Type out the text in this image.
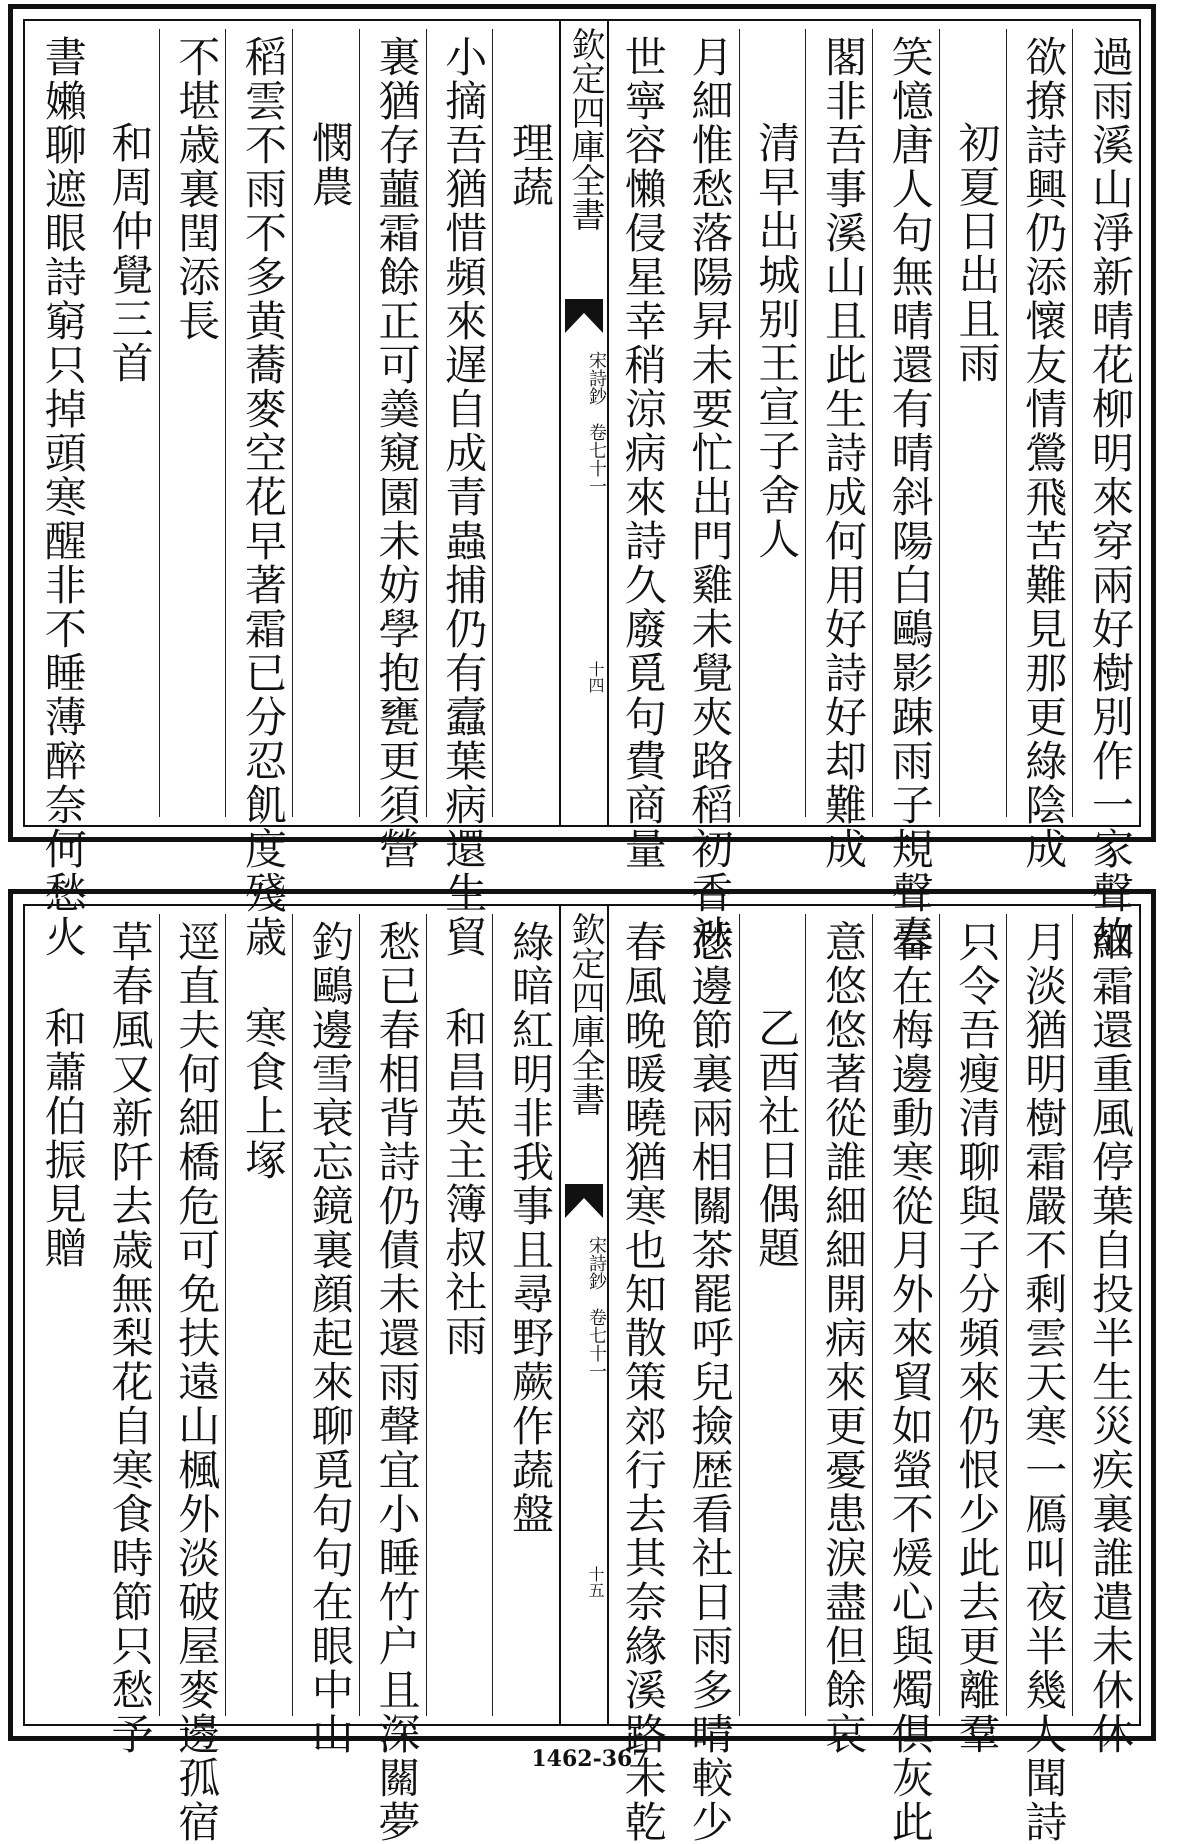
過雨溪山淨新晴花柳明來穿兩好樹別作一家聲故
欲撩詩興仍添懷友情鶯飛苦難見那更綠陰成
初夏日出且雨
笑憶唐人句無晴還有晴斜陽白鷗影踈雨子規聲臺
閣非吾事溪山且此生詩成何用好詩好却難成
清早出城别王宣子舍人
月細惟愁落陽昇未要忙出門雞未覺夾路稻初香涉
世寧容懶侵星幸稍涼病來詩久廢覓句費商量
理蔬
小摘吾猶惜頻來遅自成青蟲捕仍有蠧葉病還生貿
裏猶存蘁霜餘正可羮窺園未妨學抱甕更須營
憫農
稻雲不雨不多黄蕎麥空花早著霜已分忍飢度殘歳
不堪歳裏閏添長
和周仲覺三首
書嬾聊遮眼詩窮只掉頭寒醒非不睡薄醉奈何愁火	欽定四庫全書
宋詩鈔　卷七十一
十四
細霜還重風停葉自投半生災疾裏誰遣未休休
月淡猶明樹霜嚴不剩雲天寒一鴈叫夜半幾人聞詩
只令吾瘦清聊與子分頻來仍恨少此去更離羣
春在梅邊動寒從月外來貿如螢不煖心與燭俱灰此
意悠悠著從誰細細開病來更憂患淚盡但餘哀
乙酉社日偶題
愁邊節裏兩相關茶罷呼兒撿歴看社日雨多晴較少
春風晚暖曉猶寒也知散策郊行去其奈緣溪路未乾
綠暗紅明非我事且尋野蕨作蔬盤
和昌英主簿叔社雨
愁已春相背詩仍債未還雨聲宜小睡竹户且深關夢
釣鷗邊雪衰忘鏡裏顔起來聊覓句句在眼中山
寒食上塚
逕直夫何細橋危可免扶遠山楓外淡破屋麥邊孤宿
草春風又新阡去歳無梨花自寒食時節只愁予
和蕭伯振見贈	欽定四庫全書
宋詩鈔　卷七十一
十五
1462-367
